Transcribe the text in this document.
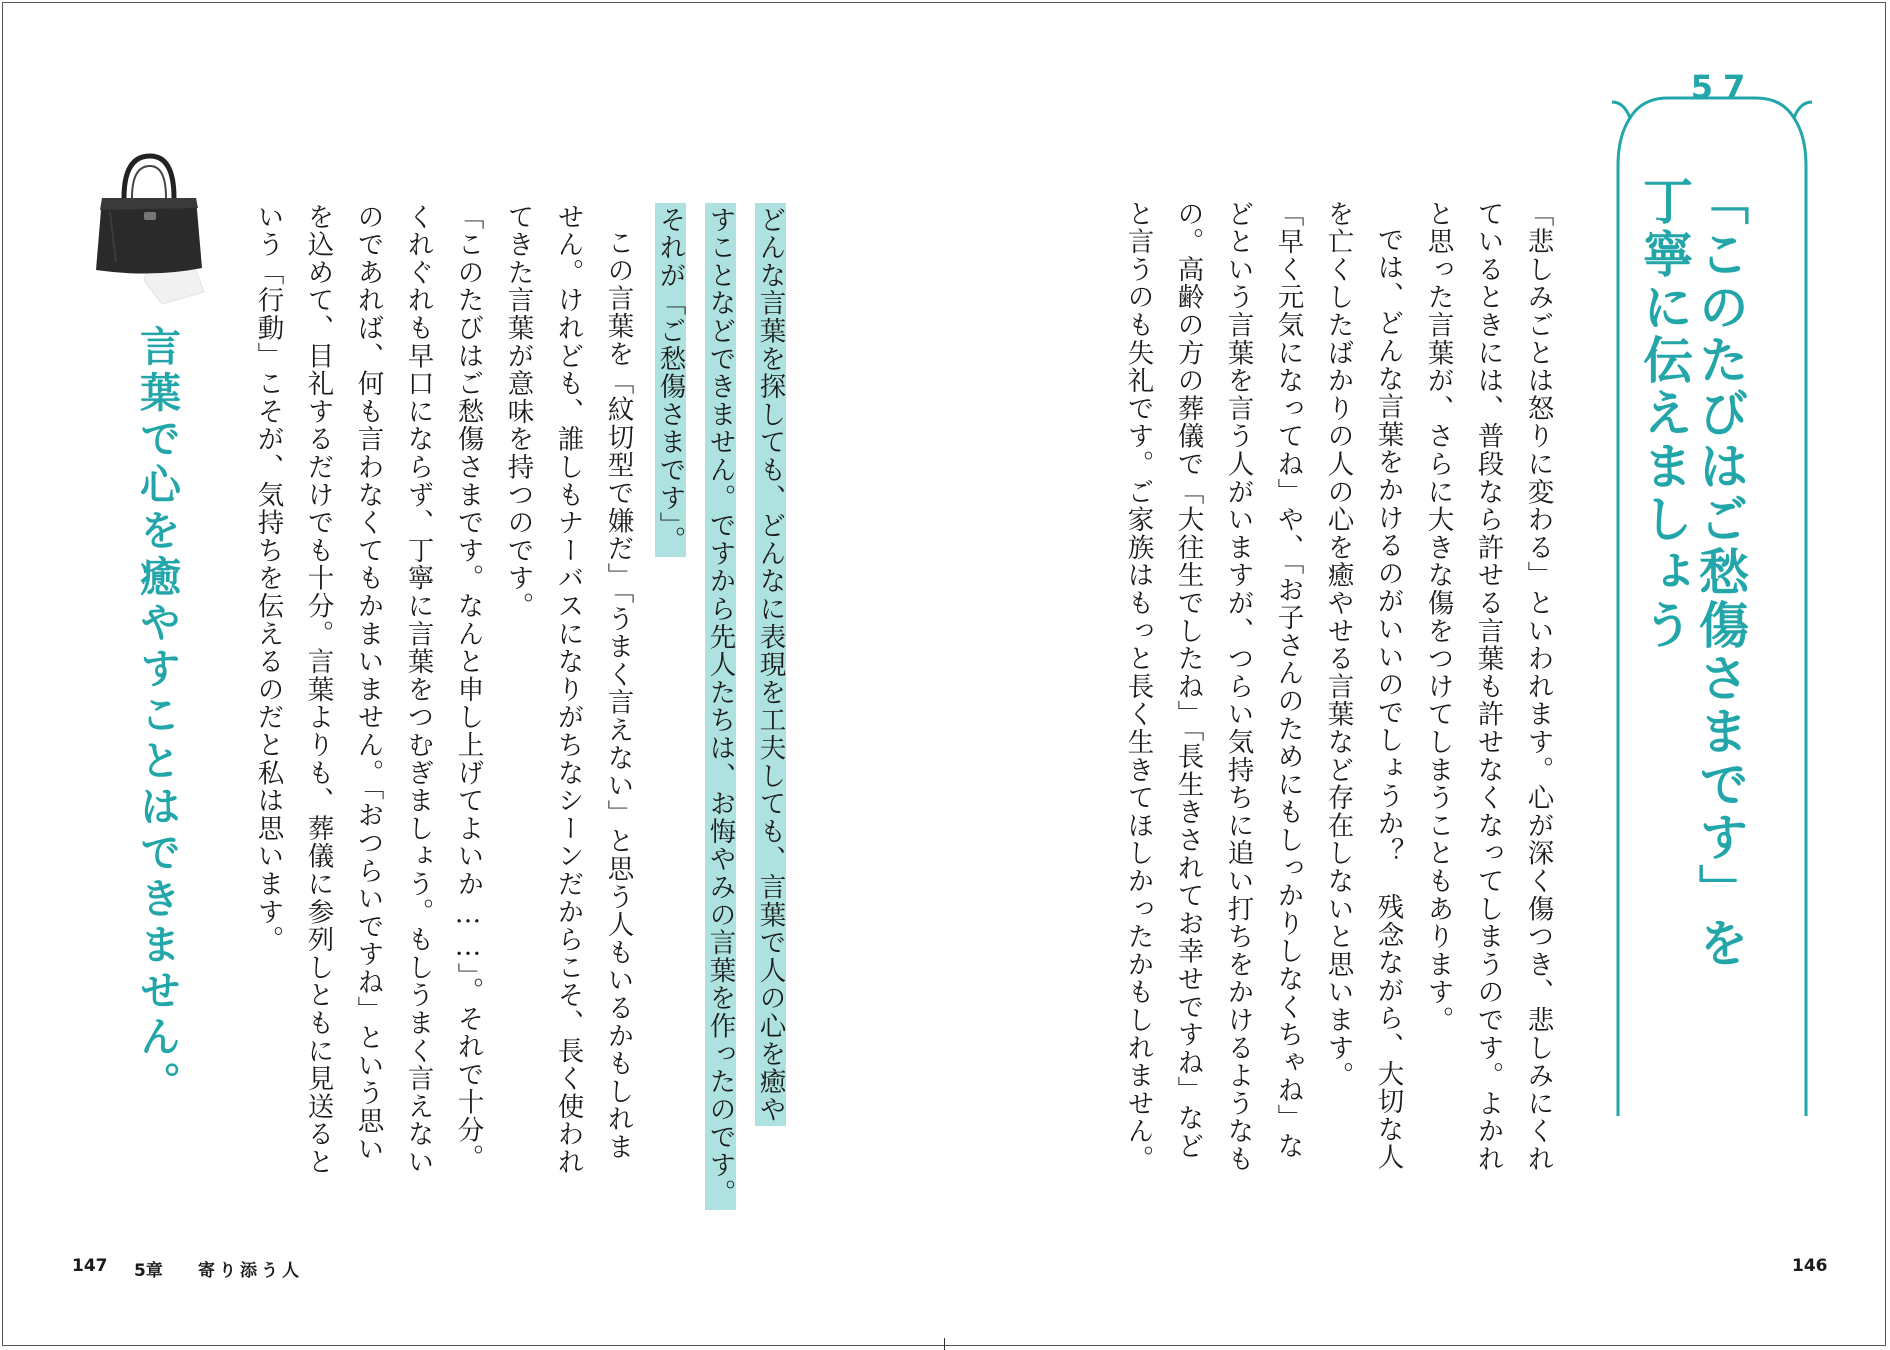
57
「このたびはご愁傷さまです」を
丁寧に伝えましょう
「悲しみごとは怒りに変わる」といわれます。心が深く傷つき、悲しみにくれ
ているときには、普段なら許せる言葉も許せなくなってしまうのです。よかれ
と思った言葉が、さらに大きな傷をつけてしまうこともあります。
では、どんな言葉をかけるのがいいのでしょうか？　残念ながら、大切な人
を亡くしたばかりの人の心を癒やせる言葉など存在しないと思います。
「早く元気になってね」や、「お子さんのためにもしっかりしなくちゃね」な
どという言葉を言う人がいますが、つらい気持ちに追い打ちをかけるようなも
の。高齢の方の葬儀で「大往生でしたね」「長生きされてお幸せですね」など
と言うのも失礼です。ご家族はもっと長く生きてほしかったかもしれません。
146
どんな言葉を探しても、どんなに表現を工夫しても、言葉で人の心を癒や
すことなどできません。ですから先人たちは、お悔やみの言葉を作ったのです。
それが「ご愁傷さまです」。
この言葉を「紋切型で嫌だ」「うまく言えない」と思う人もいるかもしれま
せん。けれども、誰しもナーバスになりがちなシーンだからこそ、長く使われ
てきた言葉が意味を持つのです。
「このたびはご愁傷さまです。なんと申し上げてよいか……」。それで十分。
くれぐれも早口にならず、丁寧に言葉をつむぎましょう。もしうまく言えない
のであれば、何も言わなくてもかまいません。「おつらいですね」という思い
を込めて、目礼するだけでも十分。言葉よりも、葬儀に参列しともに見送ると
いう「行動」こそが、気持ちを伝えるのだと私は思います。
言葉で心を癒やすことはできません。
147 5章 寄り添う人
